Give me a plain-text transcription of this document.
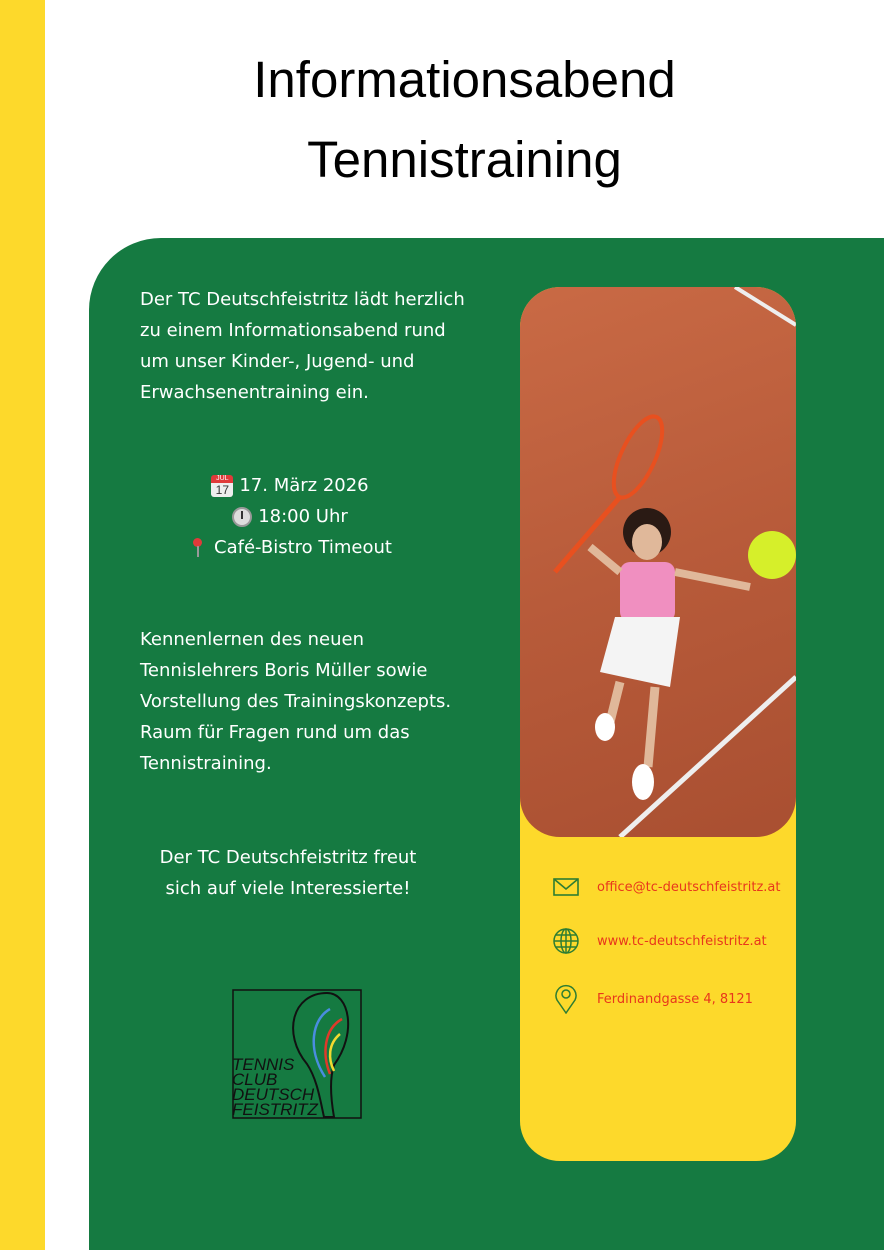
Informationsabend
Tennistraining
Der TC Deutschfeistritz lädt herzlich zu einem Informationsabend rund um unser Kinder-, Jugend- und Erwachsenentraining ein.
JUL
17 17. März 2026
18:00 Uhr
Café-Bistro Timeout
Kennenlernen des neuen Tennislehrers Boris Müller sowie Vorstellung des Trainingskonzepts. Raum für Fragen rund um das Tennistraining.
Der TC Deutschfeistritz freut sich auf viele Interessierte!
TENNIS
CLUB
DEUTSCH
FEISTRITZ
office@tc-deutschfeistritz.at
www.tc-deutschfeistritz.at
Ferdinandgasse 4, 8121
